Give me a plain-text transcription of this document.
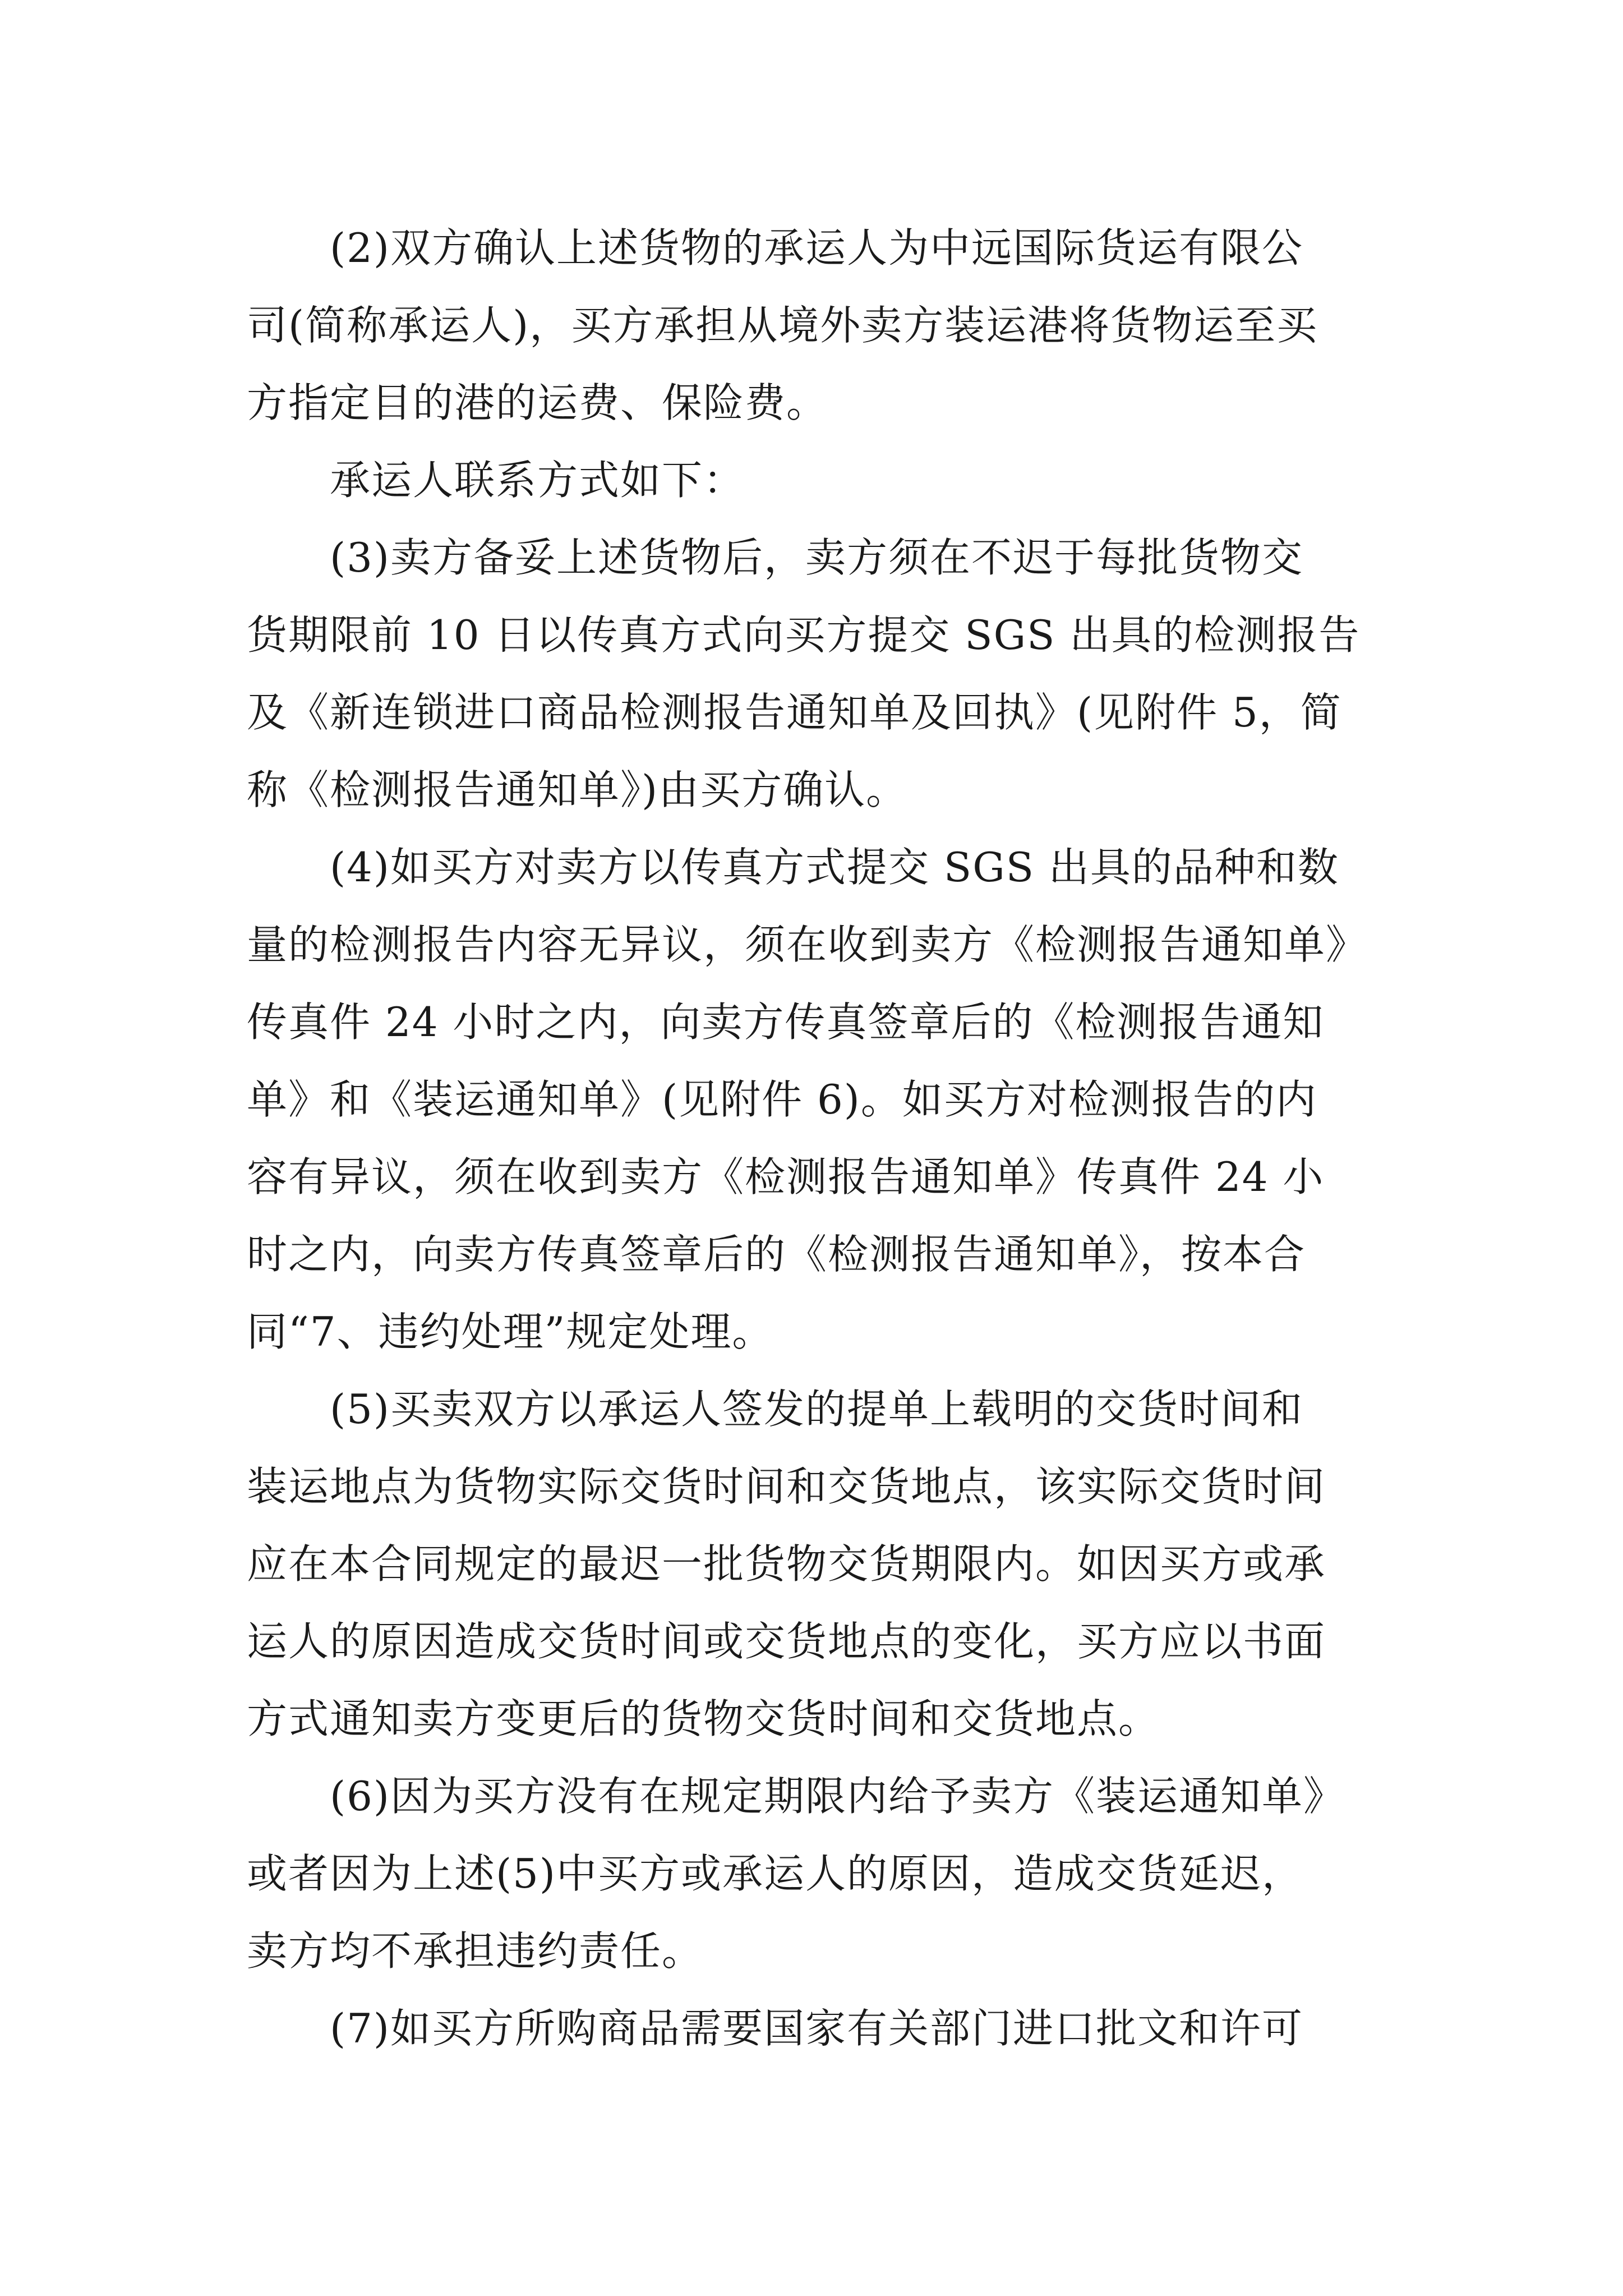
(2)双方确认上述货物的承运人为中远国际货运有限公
司(简称承运人)，买方承担从境外卖方装运港将货物运至买
方指定目的港的运费、保险费。
承运人联系方式如下：
(3)卖方备妥上述货物后，卖方须在不迟于每批货物交
货期限前 10 日以传真方式向买方提交 SGS 出具的检测报告
及《新连锁进口商品检测报告通知单及回执》(见附件 5，简
称《检测报告通知单》)由买方确认。
(4)如买方对卖方以传真方式提交 SGS 出具的品种和数
量的检测报告内容无异议，须在收到卖方《检测报告通知单》
传真件 24 小时之内，向卖方传真签章后的《检测报告通知
单》和《装运通知单》(见附件 6)。如买方对检测报告的内
容有异议，须在收到卖方《检测报告通知单》传真件 24 小
时之内，向卖方传真签章后的《检测报告通知单》，按本合
同“7、违约处理”规定处理。
(5)买卖双方以承运人签发的提单上载明的交货时间和
装运地点为货物实际交货时间和交货地点，该实际交货时间
应在本合同规定的最迟一批货物交货期限内。如因买方或承
运人的原因造成交货时间或交货地点的变化，买方应以书面
方式通知卖方变更后的货物交货时间和交货地点。
(6)因为买方没有在规定期限内给予卖方《装运通知单》
或者因为上述(5)中买方或承运人的原因，造成交货延迟，
卖方均不承担违约责任。
(7)如买方所购商品需要国家有关部门进口批文和许可
